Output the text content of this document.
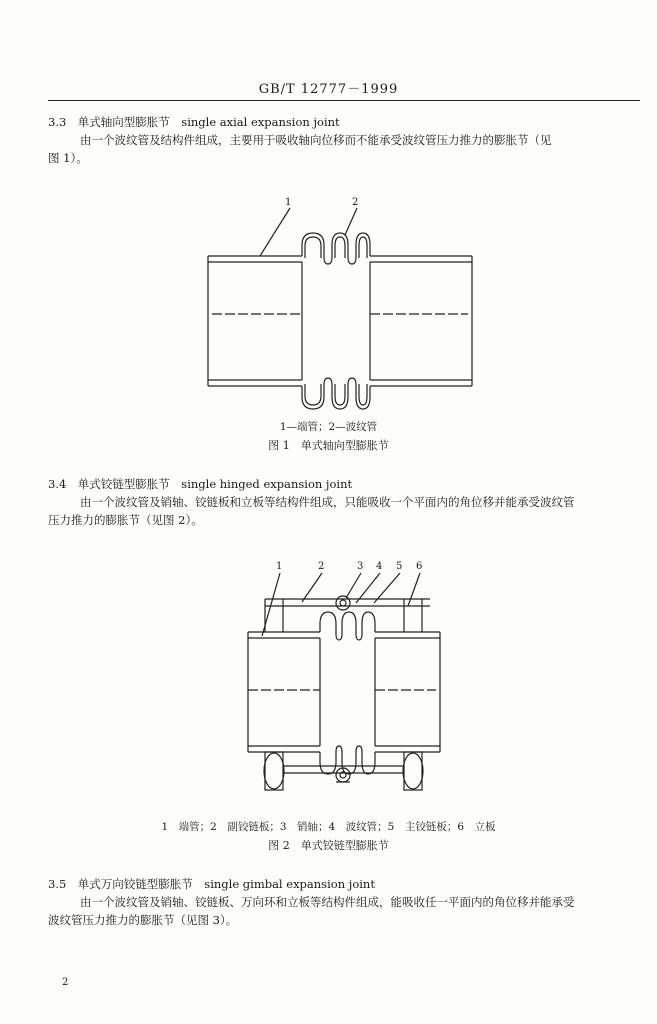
GB/T 12777－1999
3.3　单式轴向型膨胀节　single axial expansion joint
由一个波纹管及结构件组成，主要用于吸收轴向位移而不能承受波纹管压力推力的膨胀节（见
图 1）。
1	2
1—端管；2—波纹管
图 1　单式轴向型膨胀节
3.4　单式铰链型膨胀节　single hinged expansion joint
由一个波纹管及销轴、铰链板和立板等结构件组成，只能吸收一个平面内的角位移并能承受波纹管
压力推力的膨胀节（见图 2）。
1	2	3 4 5 6
1　端管；2　副铰链板；3　销轴；4　波纹管；5　主铰链板；6　立板
图 2　单式铰链型膨胀节
3.5　单式万向铰链型膨胀节　single gimbal expansion joint
由一个波纹管及销轴、铰链板、万向环和立板等结构件组成，能吸收任一平面内的角位移并能承受
波纹管压力推力的膨胀节（见图 3）。
2
